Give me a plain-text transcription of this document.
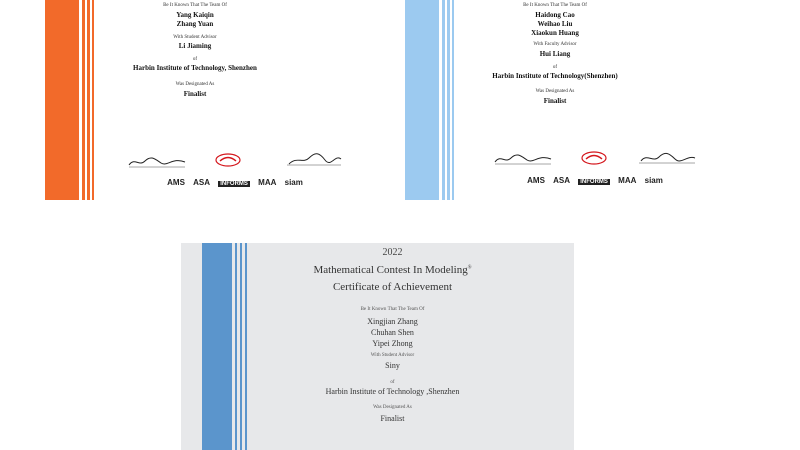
Be It Known That The Team Of
Yang Kaiqin
Zhang Yuan
With Student Advisor
Li Jiaming
of
Harbin Institute of Technology, Shenzhen
Was Designated As
Finalist
AMS ASA INFORMS MAA siam
Be It Known That The Team Of
Haidong Cao
Weihao Liu
Xiaokun Huang
With Faculty Advisor
Hui Liang
of
Harbin Institute of Technology(Shenzhen)
Was Designated As
Finalist
AMS ASA INFORMS MAA siam
2022
Mathematical Contest In Modeling®
Certificate of Achievement
Be It Known That The Team Of
Xingjian Zhang
Chuhan Shen
Yipei Zhong
With Student Advisor
Siny
of
Harbin Institute of Technology ,Shenzhen
Was Designated As
Finalist
